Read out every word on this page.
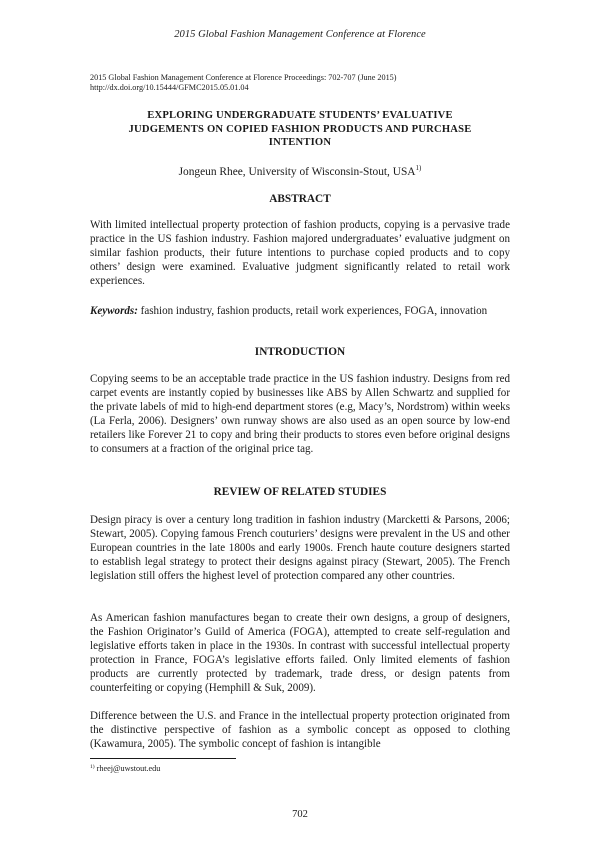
2015 Global Fashion Management Conference at Florence
2015 Global Fashion Management Conference at Florence Proceedings: 702-707 (June 2015)
http://dx.doi.org/10.15444/GFMC2015.05.01.04
EXPLORING UNDERGRADUATE STUDENTS’ EVALUATIVE
JUDGEMENTS ON COPIED FASHION PRODUCTS AND PURCHASE
INTENTION
Jongeun Rhee, University of Wisconsin-Stout, USA$^{1)}$
ABSTRACT

With limited intellectual property protection of fashion products, copying is a pervasive trade practice in the US fashion industry. Fashion majored undergraduates’ evaluative judgment on similar fashion products, their future intentions to purchase copied products and to copy others’ design were examined. Evaluative judgment significantly related to retail work experiences.

Keywords: fashion industry, fashion products, retail work experiences, FOGA, innovation

INTRODUCTION

Copying seems to be an acceptable trade practice in the US fashion industry. Designs from red carpet events are instantly copied by businesses like ABS by Allen Schwartz and supplied for the private labels of mid to high-end department stores (e.g, Macy’s, Nordstrom) within weeks (La Ferla, 2006). Designers’ own runway shows are also used as an open source by low-end retailers like Forever 21 to copy and bring their products to stores even before original designs to consumers at a fraction of the original price tag.

REVIEW OF RELATED STUDIES

Design piracy is over a century long tradition in fashion industry (Marcketti & Parsons, 2006; Stewart, 2005). Copying famous French couturiers’ designs were prevalent in the US and other European countries in the late 1800s and early 1900s. French haute couture designers started to establish legal strategy to protect their designs against piracy (Stewart, 2005). The French legislation still offers the highest level of protection compared any other countries.

As American fashion manufactures began to create their own designs, a group of designers, the Fashion Originator’s Guild of America (FOGA), attempted to create self-regulation and legislative efforts taken in place in the 1930s. In contrast with successful intellectual property protection in France, FOGA’s legislative efforts failed. Only limited elements of fashion products are currently protected by trademark, trade dress, or design patents from counterfeiting or copying (Hemphill & Suk, 2009).

Difference between the U.S. and France in the intellectual property protection originated from the distinctive perspective of fashion as a symbolic concept as opposed to clothing (Kawamura, 2005). The symbolic concept of fashion is intangible

$^{1)}$ rheej@uwstout.edu
702
